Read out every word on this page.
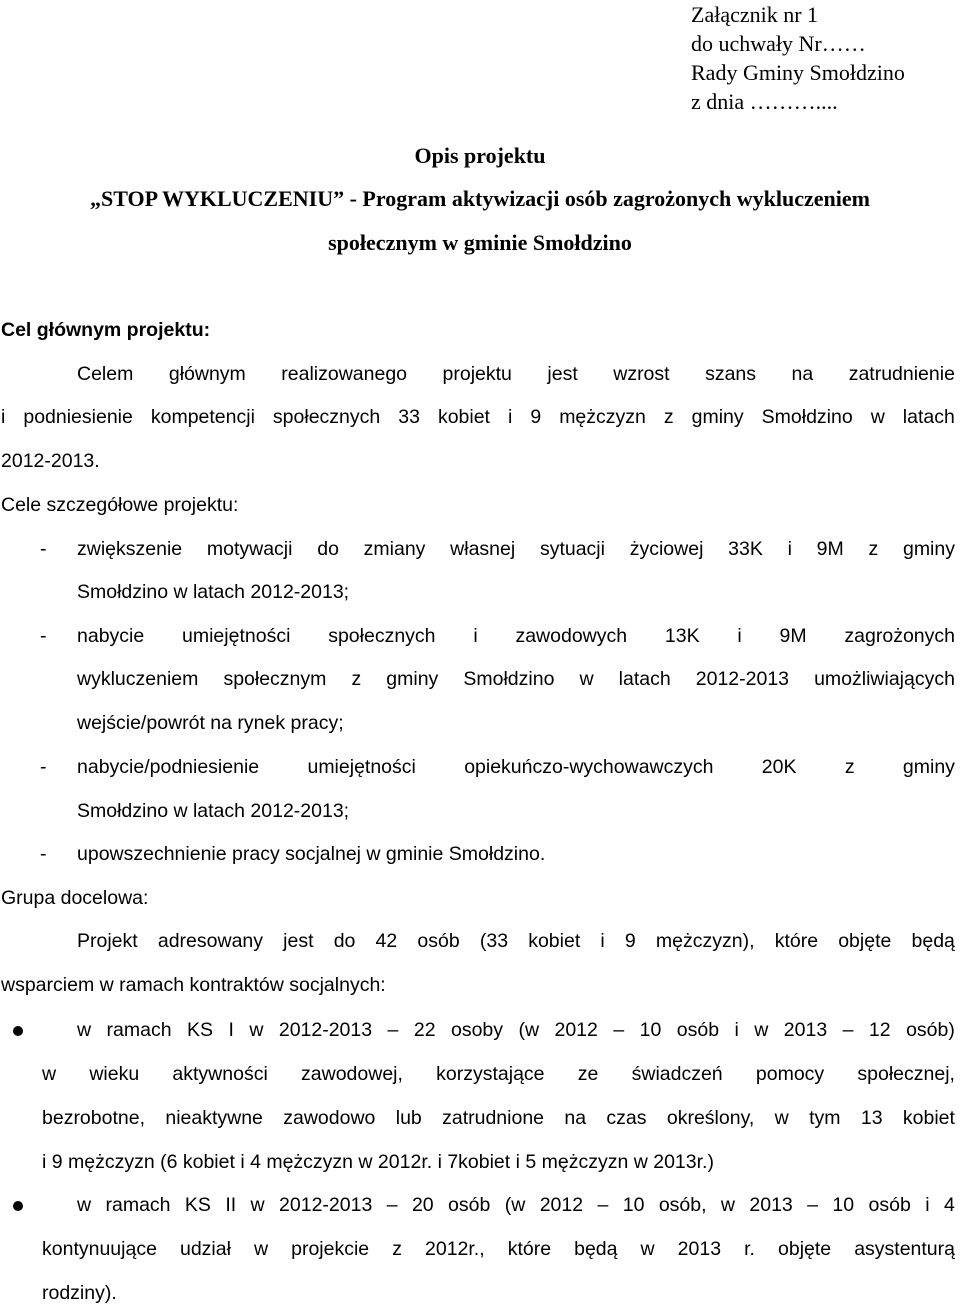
Załącznik nr 1
do uchwały Nr……
Rady Gminy Smołdzino
z dnia ………....
Opis projektu
„STOP WYKLUCZENIU” - Program aktywizacji osób zagrożonych wykluczeniem
społecznym w gminie Smołdzino
Cel głównym projektu:
Celem głównym realizowanego projektu jest wzrost szans na zatrudnienie
i podniesienie kompetencji społecznych 33 kobiet i 9 mężczyzn z gminy Smołdzino w latach
2012-2013.
Cele szczegółowe projektu:
- zwiększenie motywacji do zmiany własnej sytuacji życiowej 33K i 9M z gminy
Smołdzino w latach 2012-2013;
- nabycie umiejętności społecznych i zawodowych 13K i 9M zagrożonych
wykluczeniem społecznym z gminy Smołdzino w latach 2012-2013 umożliwiających
wejście/powrót na rynek pracy;
- nabycie/podniesienie umiejętności opiekuńczo-wychowawczych 20K z gminy
Smołdzino w latach 2012-2013;
- upowszechnienie pracy socjalnej w gminie Smołdzino.
Grupa docelowa:
Projekt adresowany jest do 42 osób (33 kobiet i 9 mężczyzn), które objęte będą
wsparciem w ramach kontraktów socjalnych:
w ramach KS I w 2012-2013 – 22 osoby (w 2012 – 10 osób i w 2013 – 12 osób)
w wieku aktywności zawodowej, korzystające ze świadczeń pomocy społecznej,
bezrobotne, nieaktywne zawodowo lub zatrudnione na czas określony, w tym 13 kobiet
i 9 mężczyzn (6 kobiet i 4 mężczyzn w 2012r. i 7kobiet i 5 mężczyzn w 2013r.)
w ramach KS II w 2012-2013 – 20 osób (w 2012 – 10 osób, w 2013 – 10 osób i 4
kontynuujące udział w projekcie z 2012r., które będą w 2013 r. objęte asystenturą
rodziny).
